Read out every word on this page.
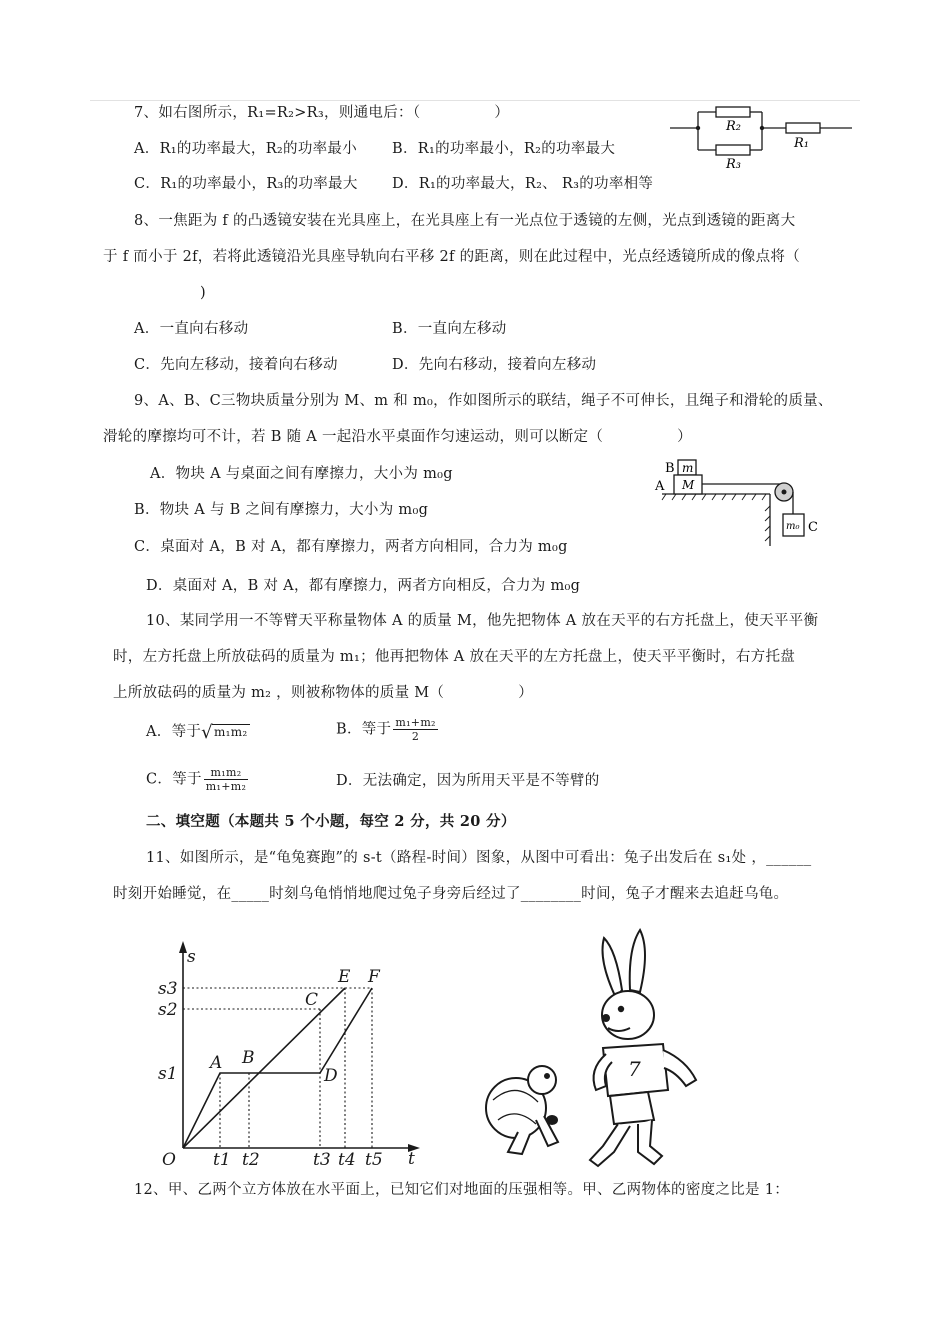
7、如右图所示，R₁=R₂>R₃，则通电后：（　　　　　）
A．R₁的功率最大，R₂的功率最小 B．R₁的功率最小，R₂的功率最大
C．R₁的功率最小，R₃的功率最大 D．R₁的功率最大，R₂、 R₃的功率相等
R₂
R₃
R₁
8、一焦距为 f 的凸透镜安装在光具座上，在光具座上有一光点位于透镜的左侧，光点到透镜的距离大
于 f 而小于 2f，若将此透镜沿光具座导轨向右平移 2f 的距离，则在此过程中，光点经透镜所成的像点将（
)
A．一直向右移动	B．一直向左移动
C．先向左移动，接着向右移动	D．先向右移动，接着向左移动
9、A、B、C三物块质量分别为 M、m 和 m₀，作如图所示的联结，绳子不可伸长，且绳子和滑轮的质量、
滑轮的摩擦均可不计，若 B 随 A 一起沿水平桌面作匀速运动，则可以断定（　　　　　）
A．物块 A 与桌面之间有摩擦力，大小为 m₀g
B．物块 A 与 B 之间有摩擦力，大小为 m₀g
C．桌面对 A，B 对 A，都有摩擦力，两者方向相同，合力为 m₀g
D．桌面对 A，B 对 A，都有摩擦力，两者方向相反，合力为 m₀g
B
A
m
M
m₀ C
10、某同学用一不等臂天平称量物体 A 的质量 M，他先把物体 A 放在天平的右方托盘上，使天平平衡
时，左方托盘上所放砝码的质量为 m₁；他再把物体 A 放在天平的左方托盘上，使天平平衡时，右方托盘
上所放砝码的质量为 m₂ ，则被称物体的质量 M（　　　　　）
A．等于√m₁m₂	B．等于 $\frac{\text{m₁+m₂}}{2}$
C．等于 $\frac{\text{m₁m₂}}{\text{m₁+m₂}}$	D．无法确定，因为所用天平是不等臂的
二、填空题（本题共 5 个小题，每空 2 分，共 20 分）
11、如图所示，是“龟兔赛跑”的 s-t（路程-时间）图象，从图中可看出：兔子出发后在 s₁处 ，______
时刻开始睡觉，在_____时刻乌龟悄悄地爬过兔子身旁后经过了________时间，兔子才醒来去追赶乌龟。
s
t
O
s3
s2
s1
t1 t2	t3 t4 t5
A B
C
D
E F
7
12、甲、乙两个立方体放在水平面上，已知它们对地面的压强相等。甲、乙两物体的密度之比是 1：
